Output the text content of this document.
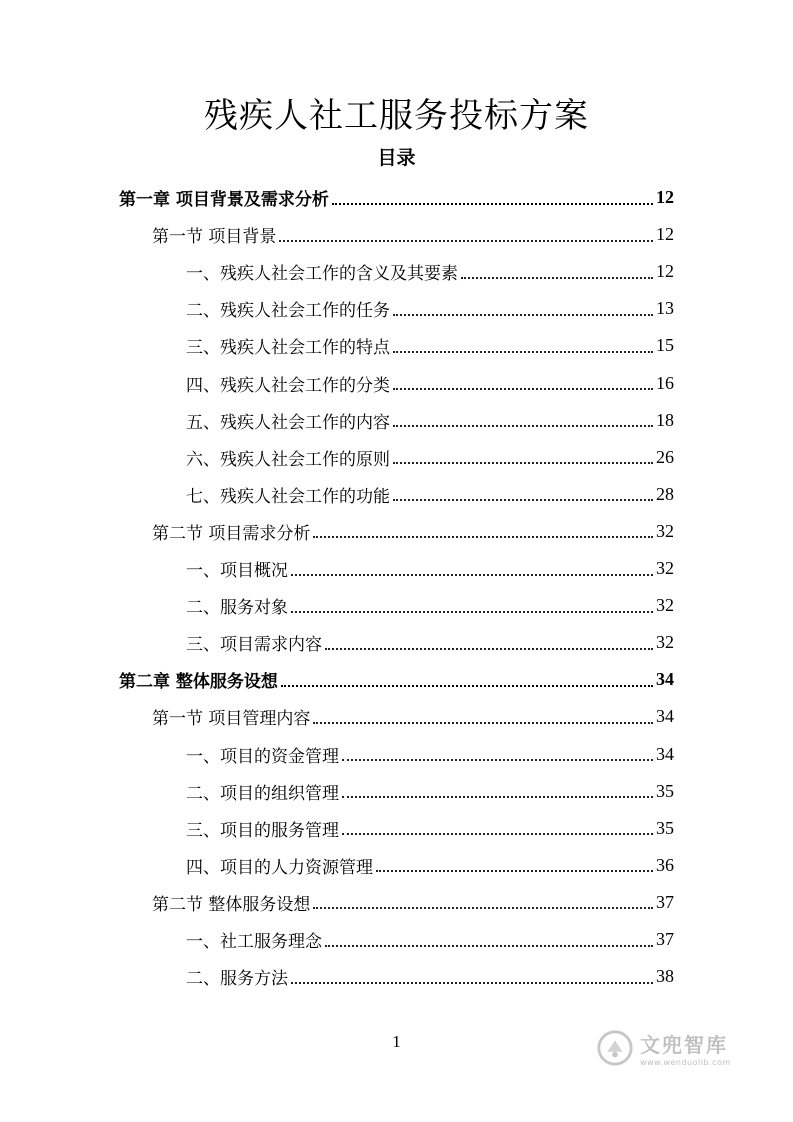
残疾人社工服务投标方案
目录
第一章 项目背景及需求分析	12
第一节 项目背景	12
一、残疾人社会工作的含义及其要素	12
二、残疾人社会工作的任务	13
三、残疾人社会工作的特点	15
四、残疾人社会工作的分类	16
五、残疾人社会工作的内容	18
六、残疾人社会工作的原则	26
七、残疾人社会工作的功能	28
第二节 项目需求分析	32
一、项目概况	32
二、服务对象	32
三、项目需求内容	32
第二章 整体服务设想	34
第一节 项目管理内容	34
一、项目的资金管理	34
二、项目的组织管理	35
三、项目的服务管理	35
四、项目的人力资源管理	36
第二节 整体服务设想	37
一、社工服务理念	37
二、服务方法	38
1	文兜智库
www.wenduolib.com
